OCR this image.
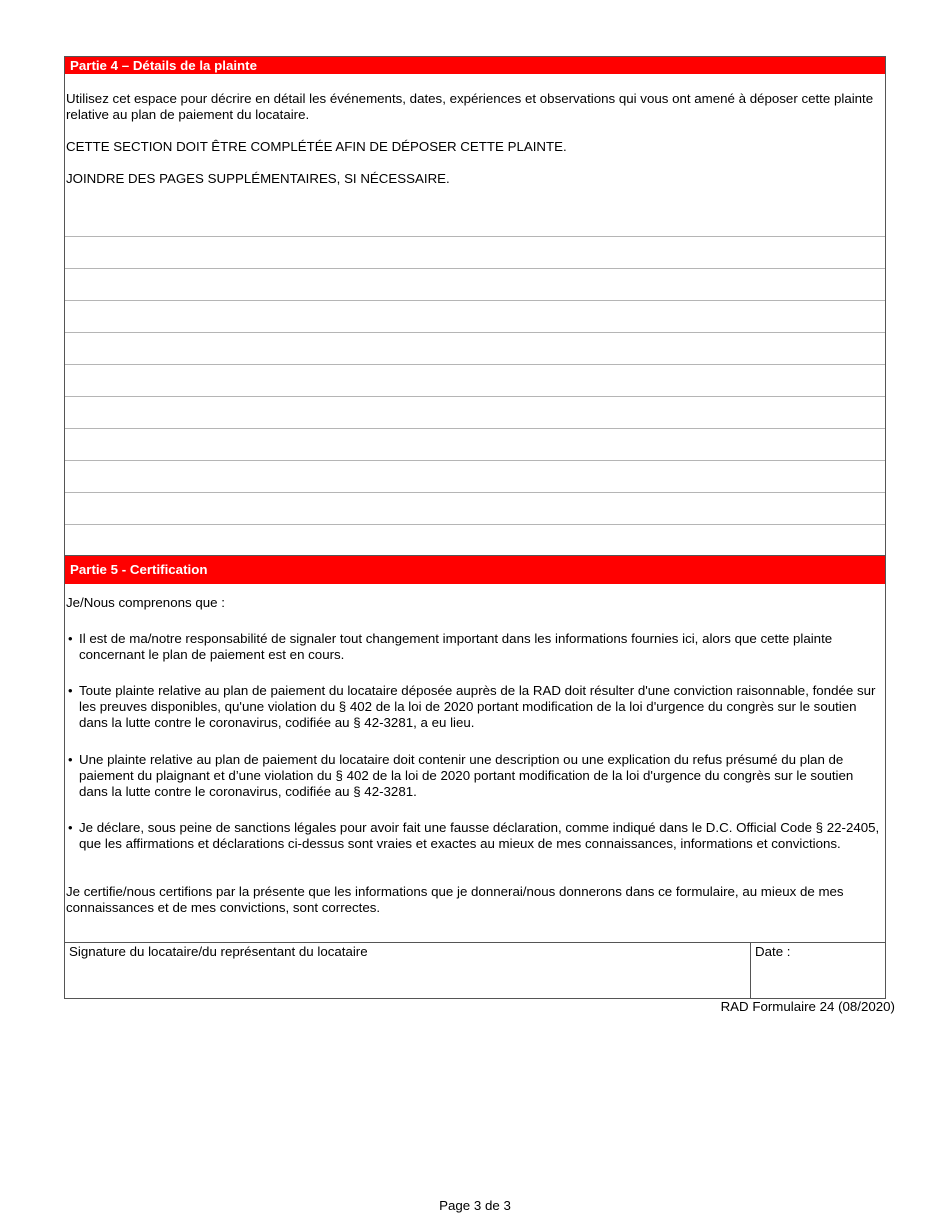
Partie 4 – Détails de la plainte

Utilisez cet espace pour décrire en détail les événements, dates, expériences et observations qui vous ont amené à déposer cette plainte relative au plan de paiement du locataire.

CETTE SECTION DOIT ÊTRE COMPLÉTÉE AFIN DE DÉPOSER CETTE PLAINTE.

JOINDRE DES PAGES SUPPLÉMENTAIRES, SI NÉCESSAIRE.

Partie 5 - Certification

Je/Nous comprenons que :

• Il est de ma/notre responsabilité de signaler tout changement important dans les informations fournies ici, alors que cette plainte concernant le plan de paiement est en cours.
• Toute plainte relative au plan de paiement du locataire déposée auprès de la RAD doit résulter d'une conviction raisonnable, fondée sur les preuves disponibles, qu'une violation du § 402 de la loi de 2020 portant modification de la loi d'urgence du congrès sur le soutien dans la lutte contre le coronavirus, codifiée au § 42-3281, a eu lieu.
• Une plainte relative au plan de paiement du locataire doit contenir une description ou une explication du refus présumé du plan de paiement du plaignant et d’une violation du § 402 de la loi de 2020 portant modification de la loi d'urgence du congrès sur le soutien dans la lutte contre le coronavirus, codifiée au § 42-3281.
• Je déclare, sous peine de sanctions légales pour avoir fait une fausse déclaration, comme indiqué dans le D.C. Official Code § 22-2405, que les affirmations et déclarations ci-dessus sont vraies et exactes au mieux de mes connaissances, informations et convictions.

Je certifie/nous certifions par la présente que les informations que je donnerai/nous donnerons dans ce formulaire, au mieux de mes connaissances et de mes convictions, sont correctes.

Signature du locataire/du représentant du locataire	Date :
RAD Formulaire 24 (08/2020)
Page 3 de 3
